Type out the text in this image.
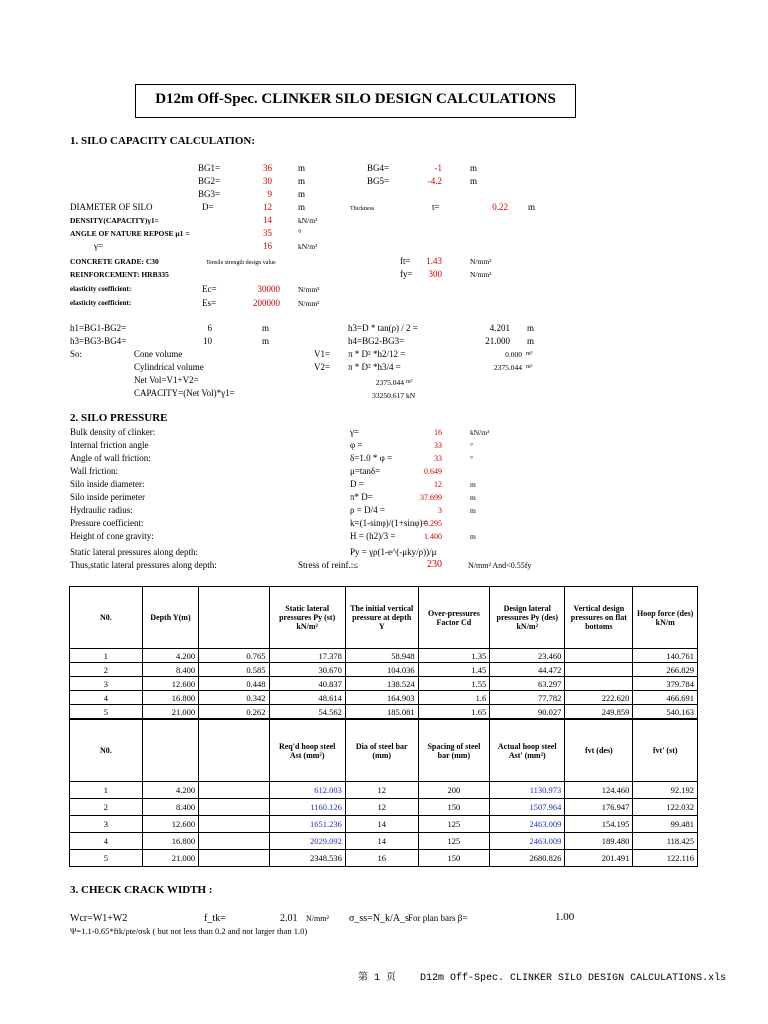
D12m Off-Spec. CLINKER SILO DESIGN CALCULATIONS
1. SILO CAPACITY CALCULATION:
BG1=	36	m	BG4=	-1	m
BG2=	30	m	BG5=	-4.2	m
BG3=	9	m
DIAMETER OF SILO	D=	12	m	Thickness	t=	0.22 m
DENSITY(CAPACITY)γ1=	14	kN/m³
ANGLE OF NATURE REPOSE μ1 =	35	°
γ=	16	kN/m³
CONCRETE GRADE: C30	Tensile strength design value	ft=	1.43	N/mm²
REINFORCEMENT: HRB335	fy=	300	N/mm²
elasticity coefficient:	Ec=	30000 N/mm²
elasticity coefficient:	Es=	200000 N/mm²
h1=BG1-BG2=	6	m	h3=D * tan(ρ) / 2 =	4.201 m
h3=BG3-BG4=	10	m	h4=BG2-BG3=	21.000 m
So:	Cone volume	V1= π * D² *h2/12 =	0.000 m³
Cylindrical volume	V2= π * D² *h3/4 =	2375.044 m³
Net Vol=V1+V2=	2375.044 m³
CAPACITY=(Net Vol)*γ1=	33250.617 kN
2. SILO PRESSURE
Bulk density of clinker:	γ=	16	kN/m³
Internal friction angle	φ =	33	°
Angle of wall friction:	δ=1.0 * φ =	33	°
Wall friction:	μ=tanδ=	0.649
Silo inside diameter:	D =	12	m
Silo inside perimeter	π* D=	37.699	m
Hydraulic radius:	ρ = D/4 =	3	m
Pressure coefficient:	k=(1-sinφ)/(1+sinφ)=
0.295
Height of cone gravity:	H = (h2)/3 =	1.400	m
Static lateral pressures along depth:	Py = γρ(1-e^(-μky/ρ))/μ
Thus,static lateral pressures along depth:	Stress of reinf.:≤	230	N/mm² And<0.55fy
N0.	Depth Y(m)		Static lateral pressures Py (st) kN/m²	The initial vertical pressure at depth Y	Over-pressures Factor Cd	Design lateral pressures Py (des) kN/m²	Vertical design pressures on flat bottoms	Hoop force (des) kN/m
1	4.200	0.765	17.378	58.948	1.35	23.460		140.761
2	8.400	0.585	30.670	104.036	1.45	44.472		266.829
3	12.600	0.448	40.837	138.524	1.55	63.297		379.784
4	16.800	0.342	48.614	164.903	1.6	77.782	222.620	466.691
5	21.000	0.262	54.562	185.081	1.65	90.027	249.859	540.163
N0.			Req'd hoop steel Ast (mm²)	Dia of steel bar (mm)	Spacing of steel bar (mm)	Actual hoop steel Ast' (mm²)	fvt (des)	fvt' (st)
1	4.200		612.003	12	200	1130.973	124.460	92.192
2	8.400		1160.126	12	150	1507.964	176.947	122.032
3	12.600		1651.236	14	125	2463.009	154.195	99.481
4	16.800		2029.092	14	125	2463.009	189.480	118.425
5	21.000		2348.536	16	150	2680.826	201.491	122.116
3. CHECK CRACK WIDTH :
Wcr=W1+W2	f_tk=	2.01 N/mm² σ_ss=N_k/A_s For plan bars β=	1.00
Ψ=1.1-0.65*ftk/ρte/σsk ( but not less than 0.2 and not larger than 1.0)
第 1 页 D12m Off-Spec. CLINKER SILO DESIGN CALCULATIONS.xls
